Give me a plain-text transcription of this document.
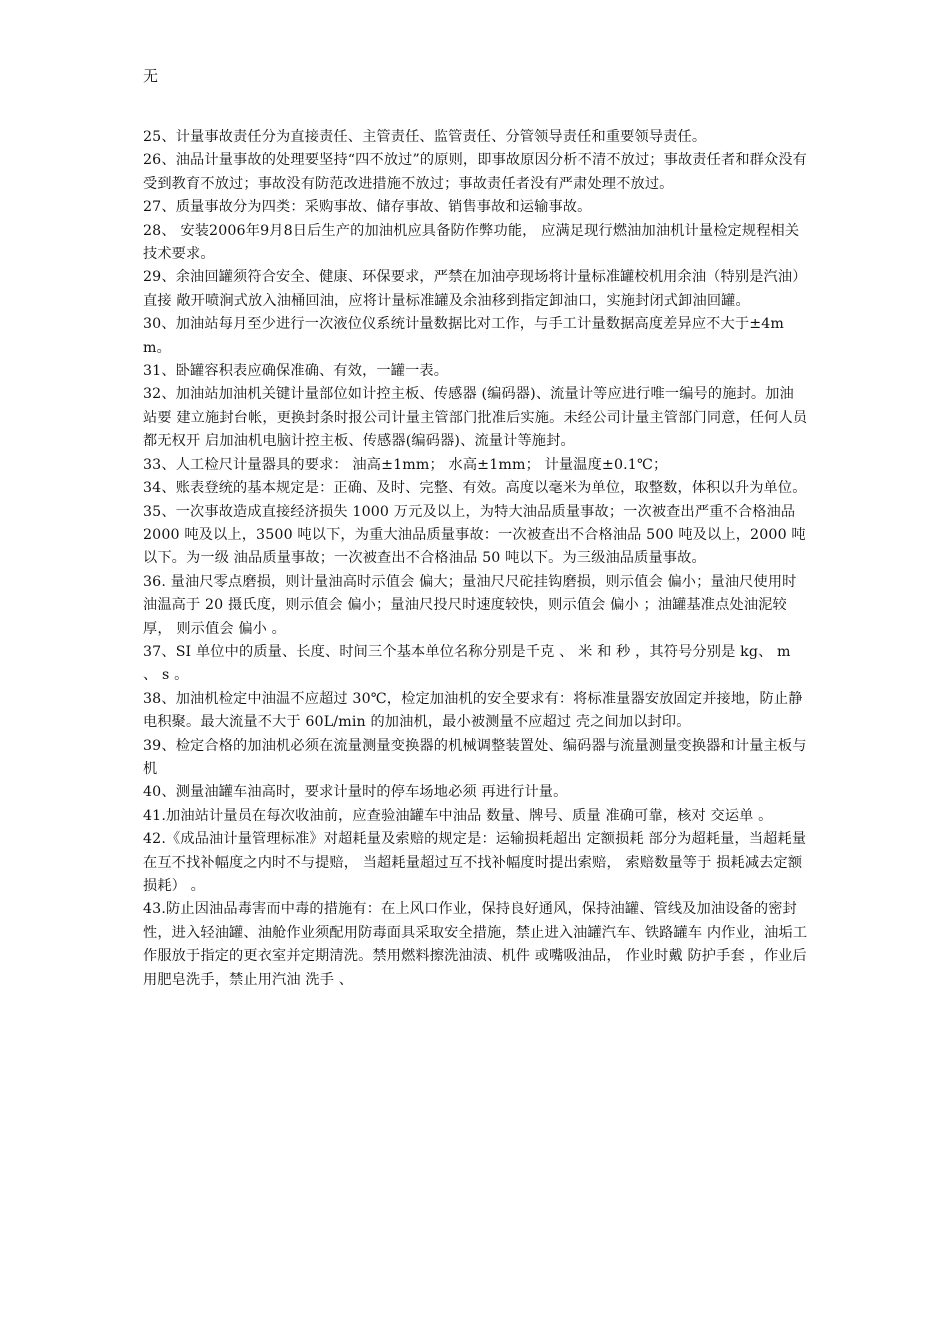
无

25、计量事故责任分为直接责任、主管责任、监管责任、分管领导责任和重要领导责任。

26、油品计量事故的处理要坚持“四不放过”的原则，即事故原因分析不清不放过；事故责任者和群众没有 受到教育不放过；事故没有防范改进措施不放过；事故责任者没有严肃处理不放过。

27、质量事故分为四类：采购事故、储存事故、销售事故和运输事故。

28、 安装2006年9月8日后生产的加油机应具备防作弊功能， 应满足现行燃油加油机计量检定规程相关技术要求。

29、余油回罐须符合安全、健康、环保要求，严禁在加油亭现场将计量标准罐校机用余油（特别是汽油）直接 敞开喷涧式放入油桶回油，应将计量标准罐及余油移到指定卸油口，实施封闭式卸油回罐。

30、加油站每月至少进行一次液位仪系统计量数据比对工作，与手工计量数据高度差异应不大于±4mm。

31、卧罐容积表应确保准确、有效，一罐一表。

32、加油站加油机关键计量部位如计控主板、传感器 (编码器)、流量计等应进行唯一编号的施封。加油站要 建立施封台帐，更换封条时报公司计量主管部门批准后实施。未经公司计量主管部门同意，任何人员都无权开 启加油机电脑计控主板、传感器(编码器)、流量计等施封。

33、人工检尺计量器具的要求： 油高±1mm； 水高±1mm； 计量温度±0.1℃；

34、账表登统的基本规定是：正确、及时、完整、有效。高度以毫米为单位，取整数，体积以升为单位。

35、一次事故造成直接经济损失 1000 万元及以上，为特大油品质量事故；一次被查出严重不合格油品 2000 吨及以上，3500 吨以下，为重大油品质量事故：一次被查出不合格油品 500 吨及以上，2000 吨以下。为一级 油品质量事故；一次被查出不合格油品 50 吨以下。为三级油品质量事故。

36. 量油尺零点磨损，则计量油高时示值会 偏大；量油尺尺砣挂钩磨损，则示值会 偏小；量油尺使用时 油温高于 20 摄氏度，则示值会 偏小；量油尺投尺时速度较快，则示值会 偏小 ；油罐基准点处油泥较厚， 则示值会 偏小 。

37、SI 单位中的质量、长度、时间三个基本单位名称分别是千克 、 米 和 秒 ，其符号分别是 kg、 m 、 s 。

38、加油机检定中油温不应超过 30℃，检定加油机的安全要求有：将标准量器安放固定并接地，防止静电积聚。最大流量不大于 60L/min 的加油机，最小被测量不应超过 壳之间加以封印。

39、检定合格的加油机必须在流量测量变换器的机械调整装置处、编码器与流量测量变换器和计量主板与机

40、测量油罐车油高时，要求计量时的停车场地必须 再进行计量。

41.加油站计量员在每次收油前，应查验油罐车中油品 数量、牌号、质量 准确可靠，核对 交运单 。

42.《成品油计量管理标准》对超耗量及索赔的规定是：运输损耗超出 定额损耗 部分为超耗量，当超耗量 在互不找补幅度之内时不与提赔， 当超耗量超过互不找补幅度时提出索赔， 索赔数量等于 损耗减去定额损耗） 。

43.防止因油品毒害而中毒的措施有：在上风口作业，保持良好通风，保持油罐、管线及加油设备的密封性，进入轻油罐、油舱作业须配用防毒面具采取安全措施，禁止进入油罐汽车、铁路罐车 内作业，油垢工作服放于指定的更衣室并定期清洗。禁用燃料擦洗油渍、机件 或嘴吸油品， 作业时戴 防护手套 ，作业后用肥皂洗手，禁止用汽油 洗手 、
